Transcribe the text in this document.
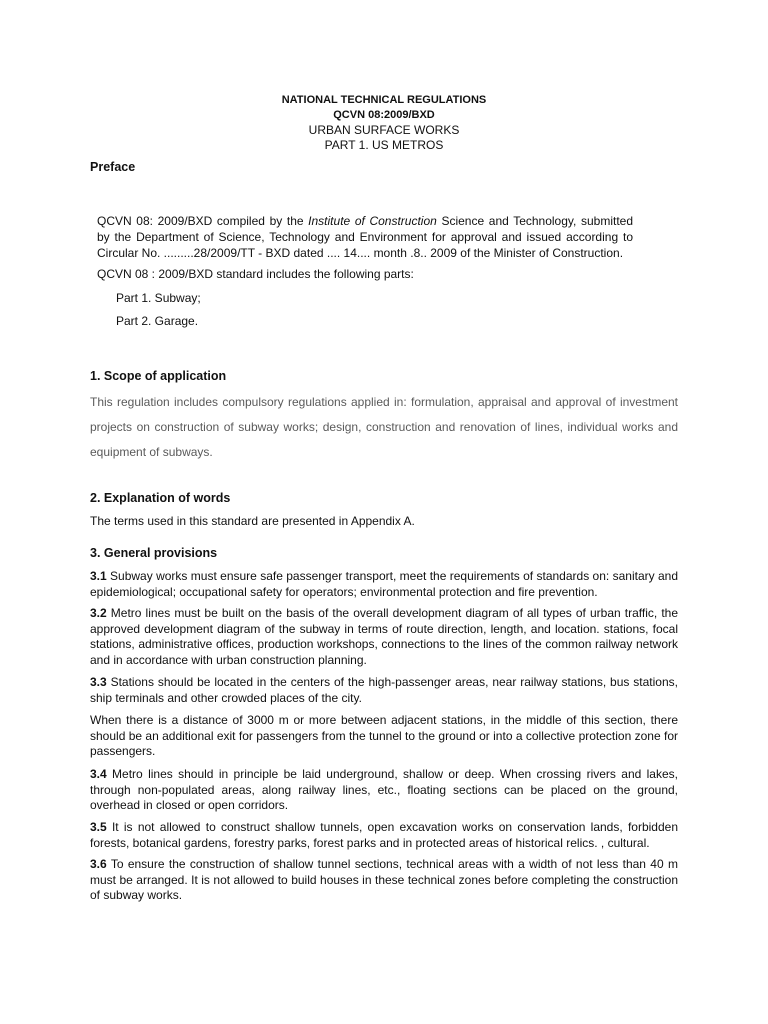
NATIONAL TECHNICAL REGULATIONS
QCVN 08:2009/BXD
URBAN SURFACE WORKS
PART 1. US METROS
Preface
QCVN 08: 2009/BXD compiled by the Institute of Construction Science and Technology, submitted by the Department of Science, Technology and Environment for approval and issued according to Circular No. .........28/2009/TT - BXD dated .... 14.... month .8.. 2009 of the Minister of Construction.
QCVN 08 : 2009/BXD standard includes the following parts:
Part 1. Subway;
Part 2. Garage.
1. Scope of application
This regulation includes compulsory regulations applied in: formulation, appraisal and approval of investment projects on construction of subway works; design, construction and renovation of lines, individual works and equipment of subways.
2. Explanation of words
The terms used in this standard are presented in Appendix A.
3. General provisions
3.1 Subway works must ensure safe passenger transport, meet the requirements of standards on: sanitary and epidemiological; occupational safety for operators; environmental protection and fire prevention.
3.2 Metro lines must be built on the basis of the overall development diagram of all types of urban traffic, the approved development diagram of the subway in terms of route direction, length, and location. stations, focal stations, administrative offices, production workshops, connections to the lines of the common railway network and in accordance with urban construction planning.
3.3 Stations should be located in the centers of the high-passenger areas, near railway stations, bus stations, ship terminals and other crowded places of the city.
When there is a distance of 3000 m or more between adjacent stations, in the middle of this section, there should be an additional exit for passengers from the tunnel to the ground or into a collective protection zone for passengers.
3.4 Metro lines should in principle be laid underground, shallow or deep. When crossing rivers and lakes, through non-populated areas, along railway lines, etc., floating sections can be placed on the ground, overhead in closed or open corridors.
3.5 It is not allowed to construct shallow tunnels, open excavation works on conservation lands, forbidden forests, botanical gardens, forestry parks, forest parks and in protected areas of historical relics. , cultural.
3.6 To ensure the construction of shallow tunnel sections, technical areas with a width of not less than 40 m must be arranged. It is not allowed to build houses in these technical zones before completing the construction of subway works.
